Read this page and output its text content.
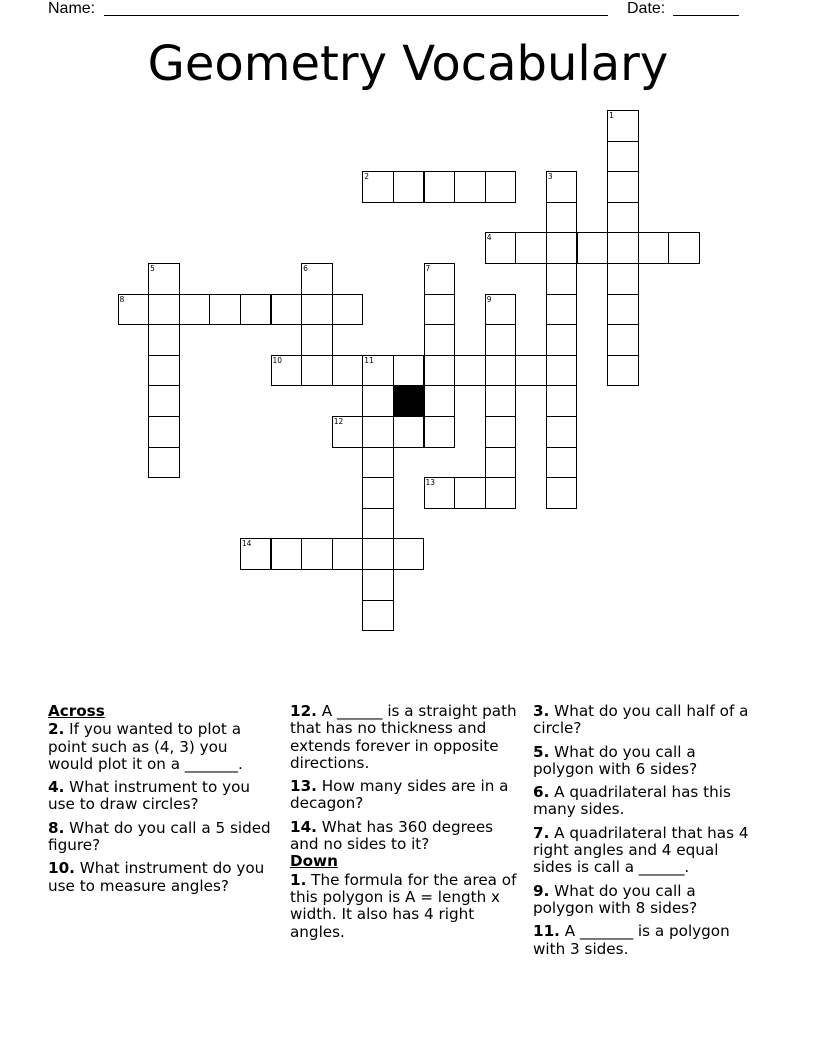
Name:	Date:
Geometry Vocabulary
1
2	3
4
5	6	7
8	9
10	11
12
13
14
Across
2. If you wanted to plot a point such as (4, 3) you would plot it on a _______.
4. What instrument to you use to draw circles?
8. What do you call a 5 sided figure?
10. What instrument do you use to measure angles?
12. A ______ is a straight path that has no thickness and extends forever in opposite directions.
13. How many sides are in a decagon?
14. What has 360 degrees and no sides to it?
Down
1. The formula for the area of this polygon is A = length x width. It also has 4 right angles.
3. What do you call half of a circle?
5. What do you call a polygon with 6 sides?
6. A quadrilateral has this many sides.
7. A quadrilateral that has 4 right angles and 4 equal sides is call a ______.
9. What do you call a polygon with 8 sides?
11. A _______ is a polygon with 3 sides.
